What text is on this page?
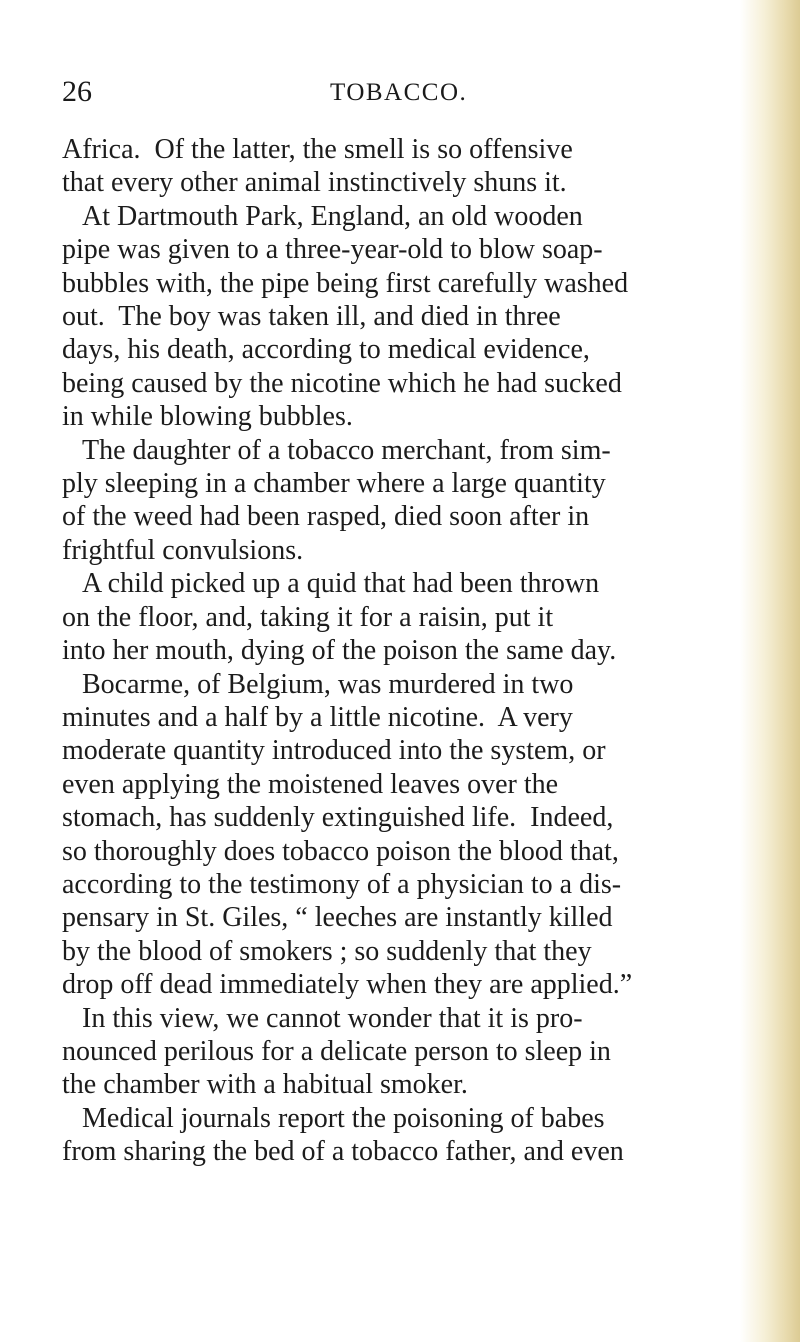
26	TOBACCO.
Africa.  Of the latter, the smell is so offensive
that every other animal instinctively shuns it.
At Dartmouth Park, England, an old wooden
pipe was given to a three-year-old to blow soap-
bubbles with, the pipe being first carefully washed
out.  The boy was taken ill, and died in three
days, his death, according to medical evidence,
being caused by the nicotine which he had sucked
in while blowing bubbles.
The daughter of a tobacco merchant, from sim-
ply sleeping in a chamber where a large quantity
of the weed had been rasped, died soon after in
frightful convulsions.
A child picked up a quid that had been thrown
on the floor, and, taking it for a raisin, put it
into her mouth, dying of the poison the same day.
Bocarme, of Belgium, was murdered in two
minutes and a half by a little nicotine.  A very
moderate quantity introduced into the system, or
even applying the moistened leaves over the
stomach, has suddenly extinguished life.  Indeed,
so thoroughly does tobacco poison the blood that,
according to the testimony of a physician to a dis-
pensary in St. Giles, “ leeches are instantly killed
by the blood of smokers ; so suddenly that they
drop off dead immediately when they are applied.”
In this view, we cannot wonder that it is pro-
nounced perilous for a delicate person to sleep in
the chamber with a habitual smoker.
Medical journals report the poisoning of babes
from sharing the bed of a tobacco father, and even
